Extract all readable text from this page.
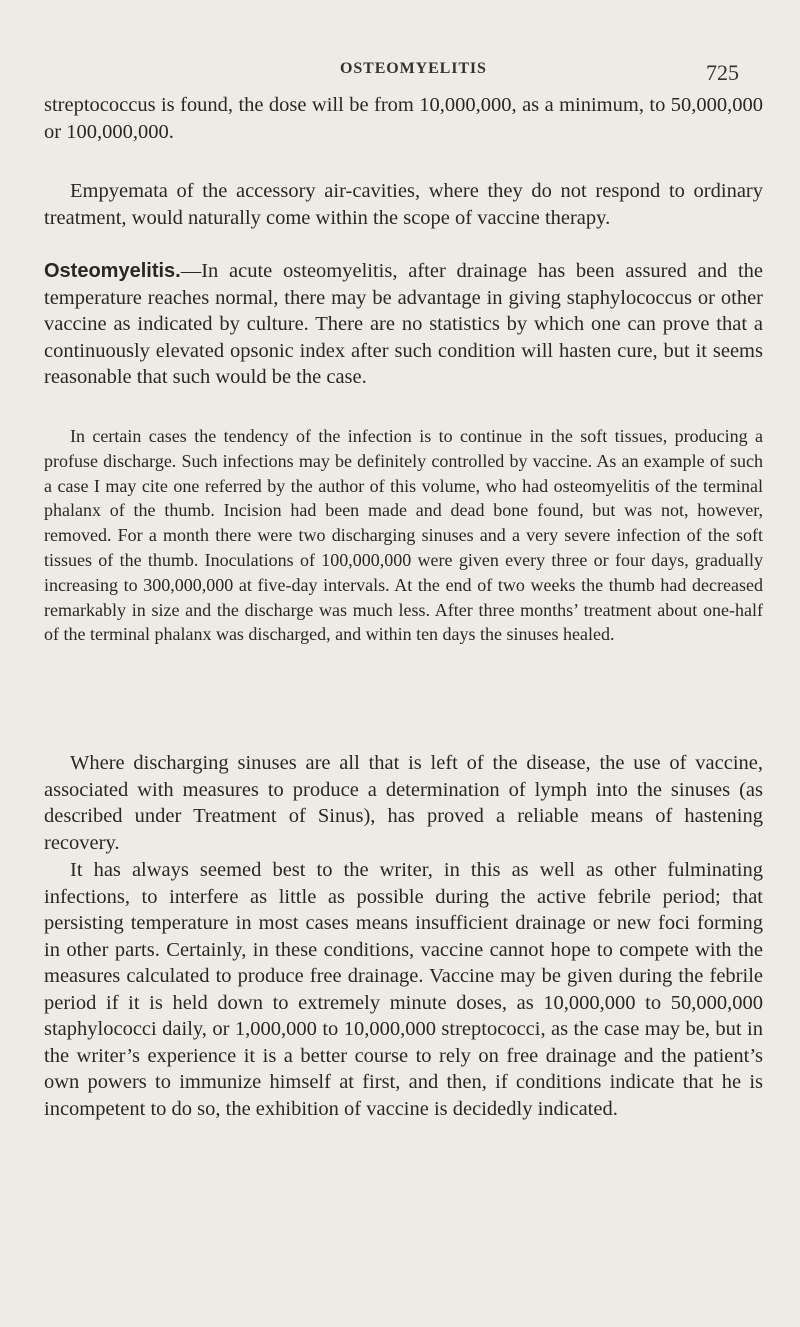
OSTEOMYELITIS	725

streptococcus is found, the dose will be from 10,000,000, as a minimum, to 50,000,000 or 100,000,000.

Empyemata of the accessory air-cavities, where they do not respond to ordinary treatment, would naturally come within the scope of vaccine therapy.

Osteomyelitis.—In acute osteomyelitis, after drainage has been assured and the temperature reaches normal, there may be advantage in giving staphylococcus or other vaccine as indicated by culture. There are no statistics by which one can prove that a continuously elevated opsonic index after such condition will hasten cure, but it seems reasonable that such would be the case.

In certain cases the tendency of the infection is to continue in the soft tissues, producing a profuse discharge. Such infections may be definitely controlled by vaccine. As an example of such a case I may cite one referred by the author of this volume, who had osteomyelitis of the terminal phalanx of the thumb. Incision had been made and dead bone found, but was not, however, removed. For a month there were two discharging sinuses and a very severe infection of the soft tissues of the thumb. Inoculations of 100,000,000 were given every three or four days, gradually increasing to 300,000,000 at five-day intervals. At the end of two weeks the thumb had decreased remarkably in size and the discharge was much less. After three months’ treatment about one-half of the terminal phalanx was discharged, and within ten days the sinuses healed.

Where discharging sinuses are all that is left of the disease, the use of vaccine, associated with measures to produce a determination of lymph into the sinuses (as described under Treatment of Sinus), has proved a reliable means of hastening recovery.

It has always seemed best to the writer, in this as well as other fulminating infections, to interfere as little as possible during the active febrile period; that persisting temperature in most cases means insufficient drainage or new foci forming in other parts. Certainly, in these conditions, vaccine cannot hope to compete with the measures calculated to produce free drainage. Vaccine may be given during the febrile period if it is held down to extremely minute doses, as 10,000,000 to 50,000,000 staphylococci daily, or 1,000,000 to 10,000,000 streptococci, as the case may be, but in the writer’s experience it is a better course to rely on free drainage and the patient’s own powers to immunize himself at first, and then, if conditions indicate that he is incompetent to do so, the exhibition of vaccine is decidedly indicated.
